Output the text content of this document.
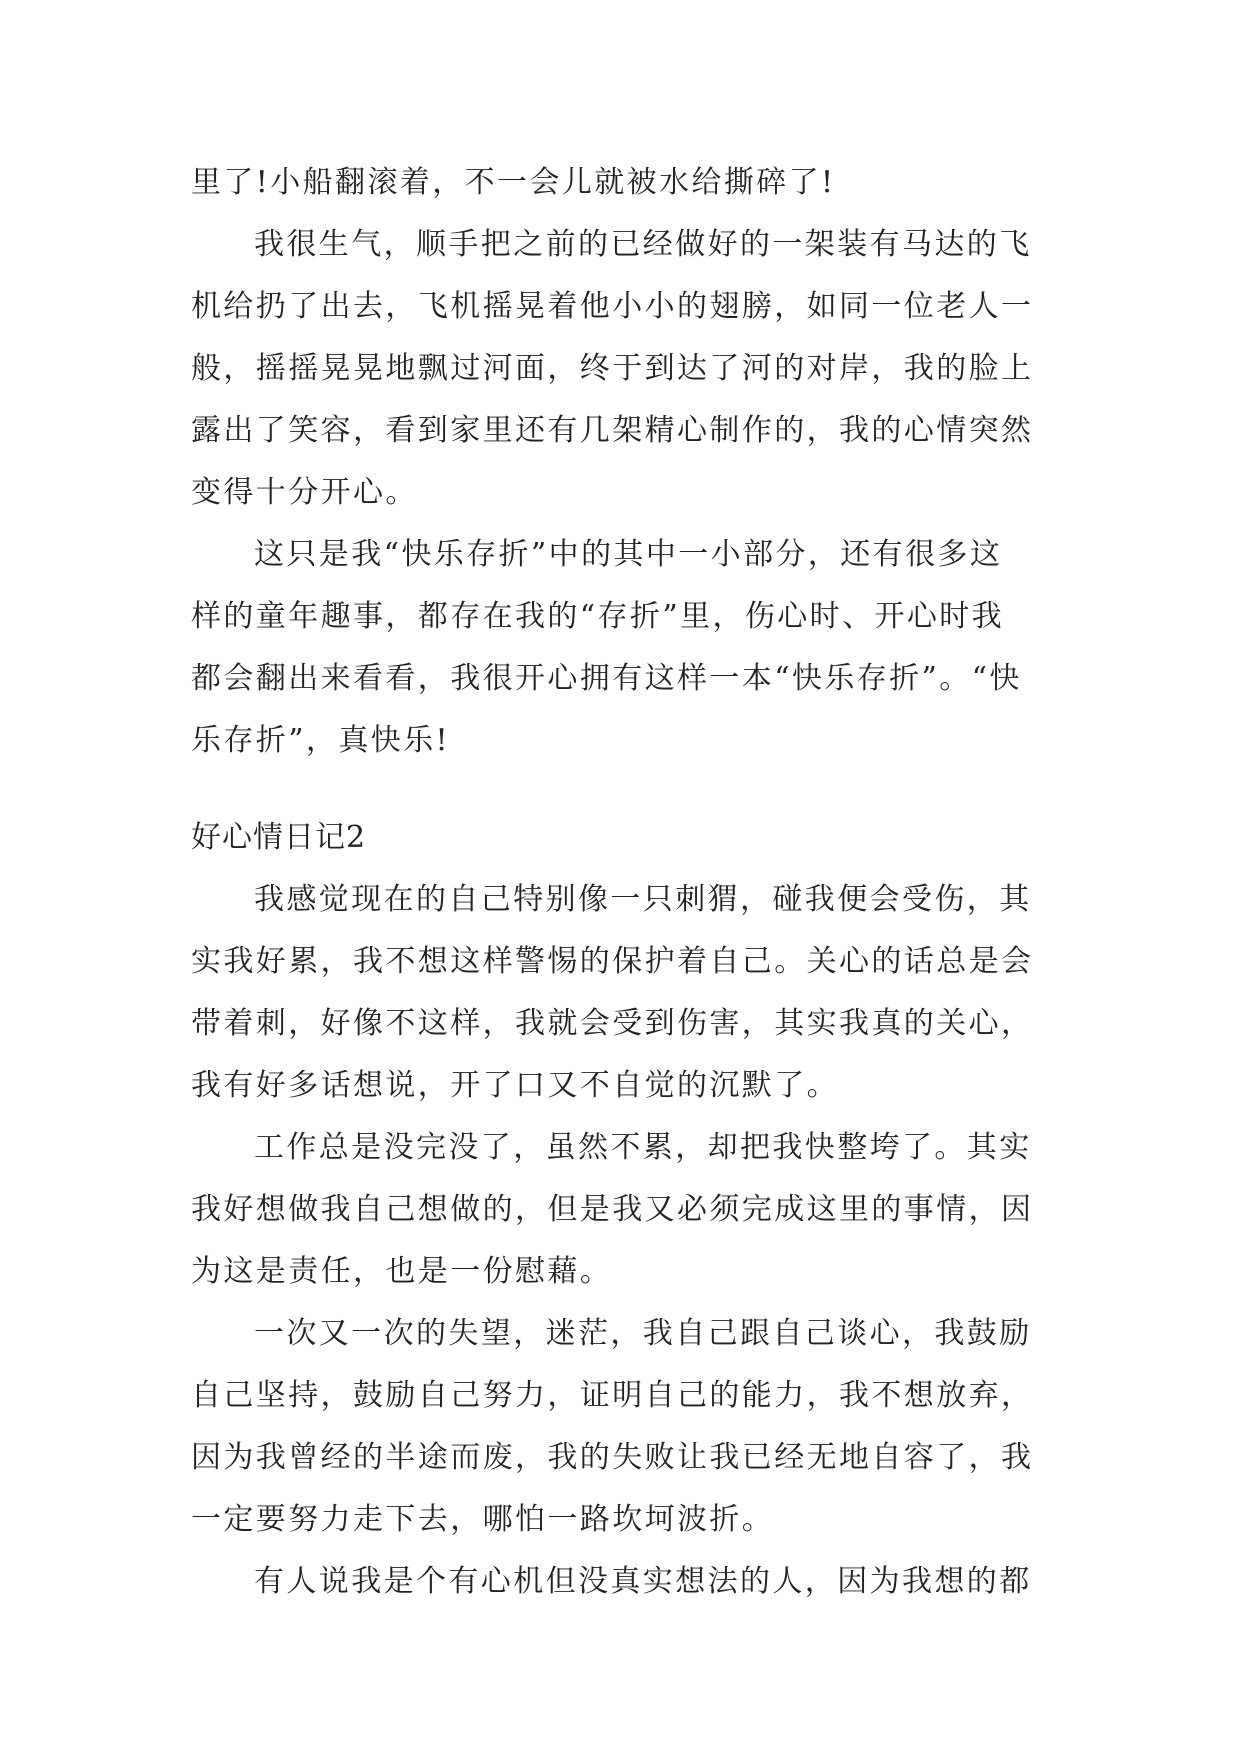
里了!小船翻滚着，不一会儿就被水给撕碎了!
我很生气，顺手把之前的已经做好的一架装有马达的飞
机给扔了出去，飞机摇晃着他小小的翅膀，如同一位老人一
般，摇摇晃晃地飘过河面，终于到达了河的对岸，我的脸上
露出了笑容，看到家里还有几架精心制作的，我的心情突然
变得十分开心。
这只是我“快乐存折”中的其中一小部分，还有很多这
样的童年趣事，都存在我的“存折”里，伤心时、开心时我
都会翻出来看看，我很开心拥有这样一本“快乐存折”。“快
乐存折”，真快乐!
好心情日记2
我感觉现在的自己特别像一只刺猬，碰我便会受伤，其
实我好累，我不想这样警惕的保护着自己。关心的话总是会
带着刺，好像不这样，我就会受到伤害，其实我真的关心，
我有好多话想说，开了口又不自觉的沉默了。
工作总是没完没了，虽然不累，却把我快整垮了。其实
我好想做我自己想做的，但是我又必须完成这里的事情，因
为这是责任，也是一份慰藉。
一次又一次的失望，迷茫，我自己跟自己谈心，我鼓励
自己坚持，鼓励自己努力，证明自己的能力，我不想放弃，
因为我曾经的半途而废，我的失败让我已经无地自容了，我
一定要努力走下去，哪怕一路坎坷波折。
有人说我是个有心机但没真实想法的人，因为我想的都
